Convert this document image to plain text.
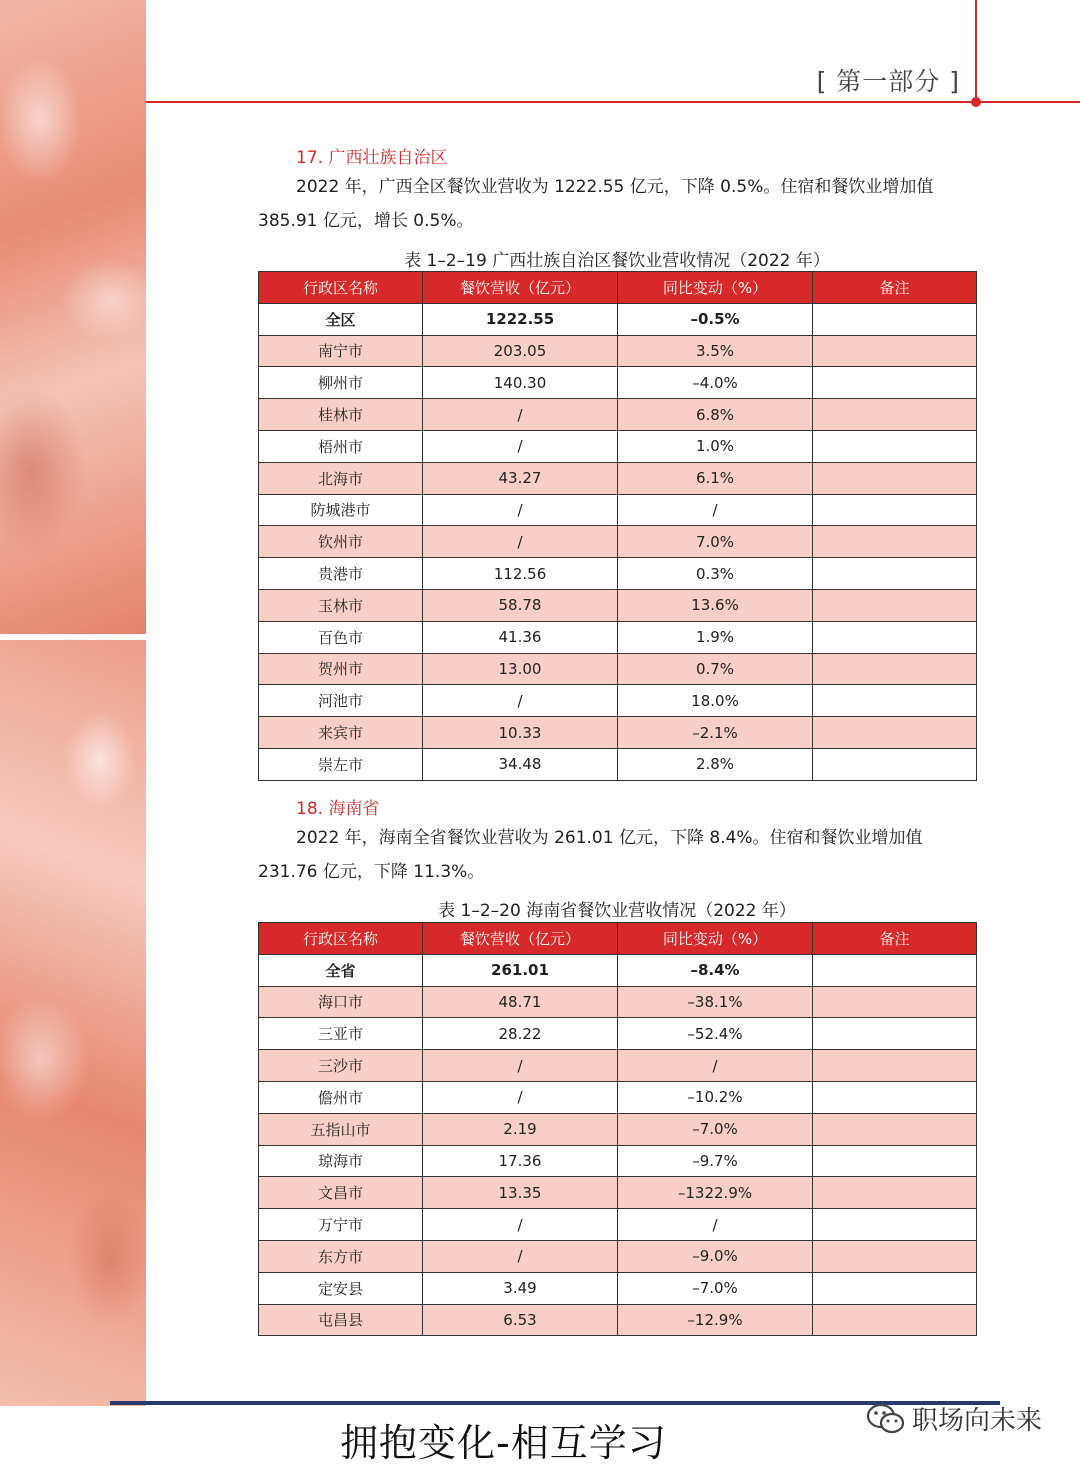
[ 第一部分 ]
17. 广西壮族自治区
2022 年，广西全区餐饮业营收为 1222.55 亿元，下降 0.5%。住宿和餐饮业增加值
385.91 亿元，增长 0.5%。
表 1–2–19 广西壮族自治区餐饮业营收情况（2022 年）
行政区名称	餐饮营收（亿元）	同比变动（%）	备注
全区	1222.55	–0.5%	
南宁市	203.05	3.5%	
柳州市	140.30	–4.0%	
桂林市	/	6.8%	
梧州市	/	1.0%	
北海市	43.27	6.1%	
防城港市	/	/	
钦州市	/	7.0%	
贵港市	112.56	0.3%	
玉林市	58.78	13.6%	
百色市	41.36	1.9%	
贺州市	13.00	0.7%	
河池市	/	18.0%	
来宾市	10.33	–2.1%	
崇左市	34.48	2.8%	
18. 海南省
2022 年，海南全省餐饮业营收为 261.01 亿元，下降 8.4%。住宿和餐饮业增加值
231.76 亿元，下降 11.3%。
表 1–2–20 海南省餐饮业营收情况（2022 年）
行政区名称	餐饮营收（亿元）	同比变动（%）	备注
全省	261.01	–8.4%	
海口市	48.71	–38.1%	
三亚市	28.22	–52.4%	
三沙市	/	/	
儋州市	/	–10.2%	
五指山市	2.19	–7.0%	
琼海市	17.36	–9.7%	
文昌市	13.35	–1322.9%	
万宁市	/	/	
东方市	/	–9.0%	
定安县	3.49	–7.0%	
屯昌县	6.53	–12.9%	
拥抱变化-相互学习	职场向未来
